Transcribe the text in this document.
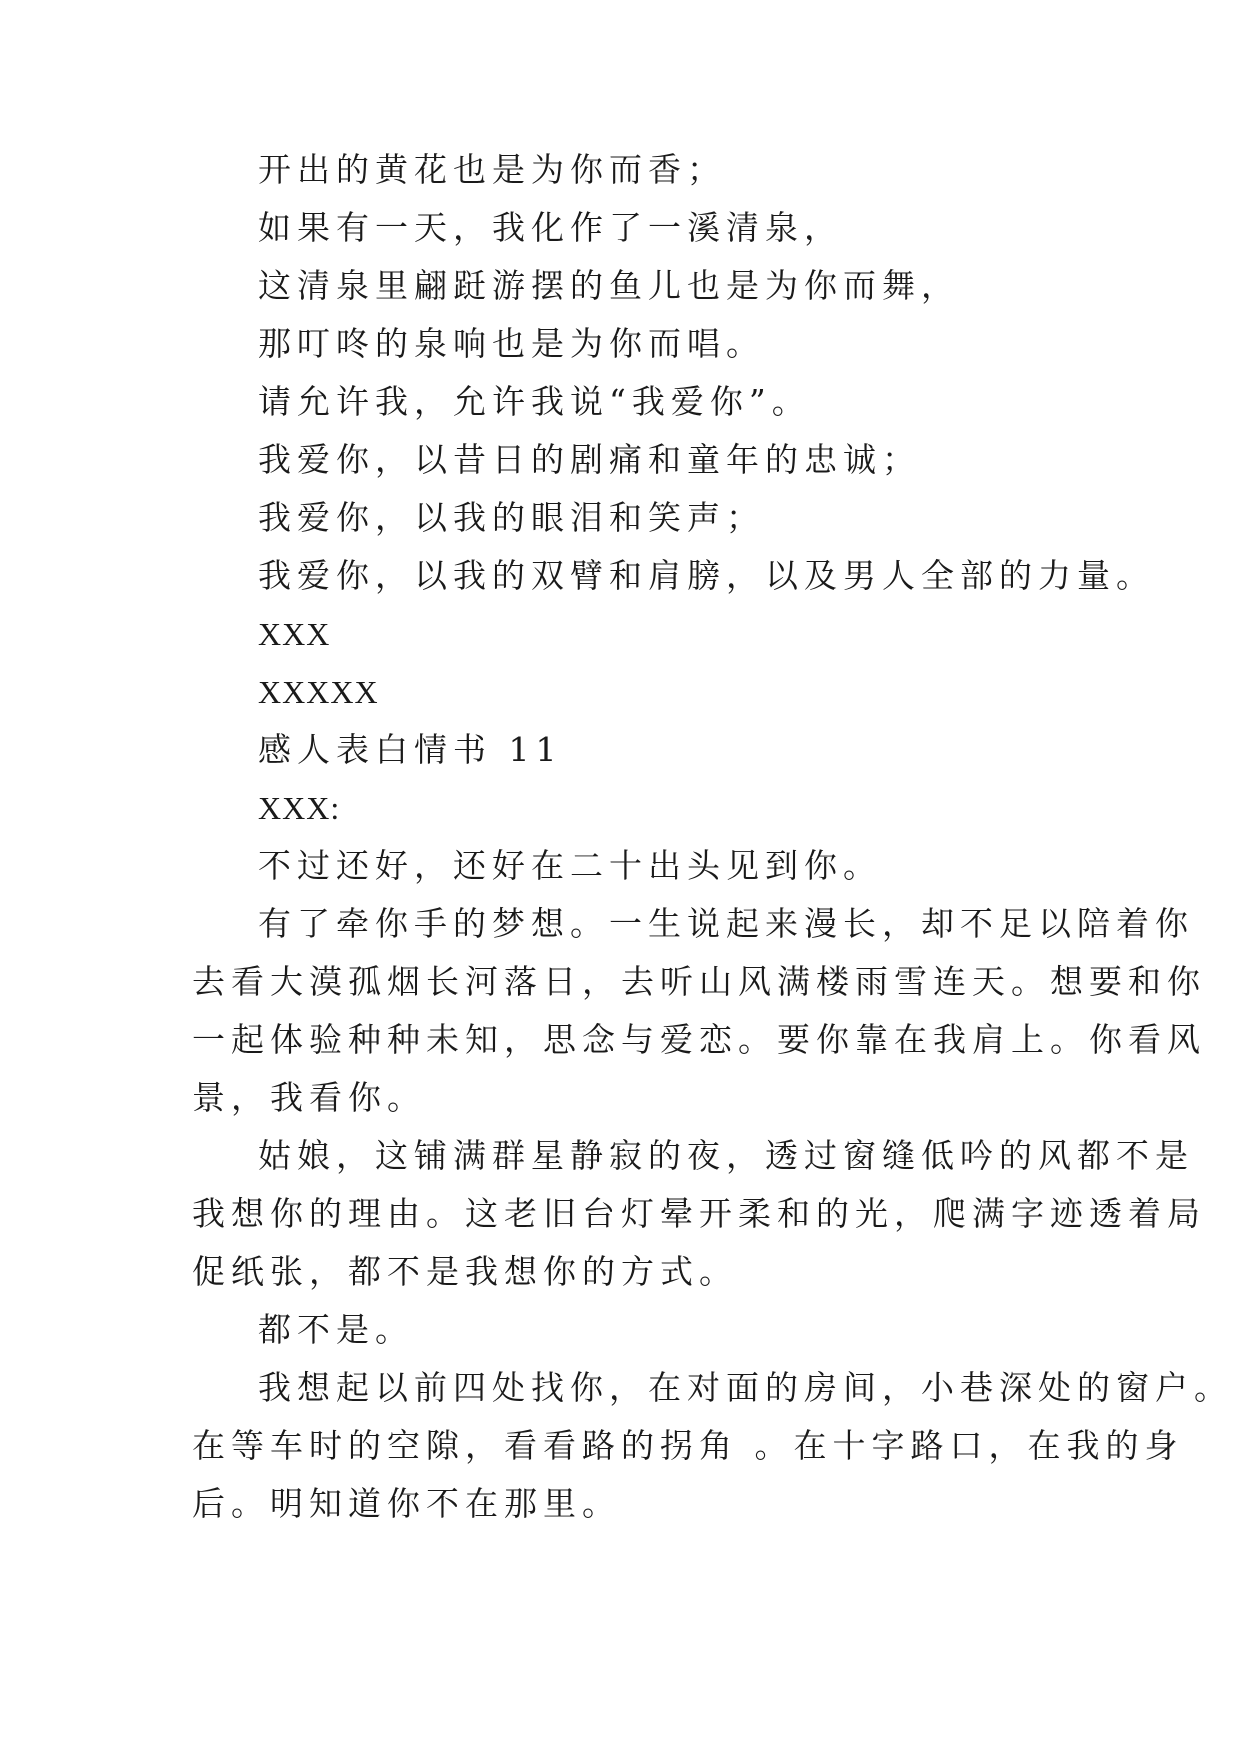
开出的黄花也是为你而香；
如果有一天，我化作了一溪清泉，
这清泉里翩跹游摆的鱼儿也是为你而舞，
那叮咚的泉响也是为你而唱。
请允许我，允许我说“我爱你”。
我爱你，以昔日的剧痛和童年的忠诚；
我爱你，以我的眼泪和笑声；
我爱你，以我的双臂和肩膀，以及男人全部的力量。
XXX
XXXXX
感人表白情书 11
XXX:
不过还好，还好在二十出头见到你。
有了牵你手的梦想。一生说起来漫长，却不足以陪着你
去看大漠孤烟长河落日，去听山风满楼雨雪连天。想要和你
一起体验种种未知，思念与爱恋。要你靠在我肩上。你看风
景，我看你。
姑娘，这铺满群星静寂的夜，透过窗缝低吟的风都不是
我想你的理由。这老旧台灯晕开柔和的光，爬满字迹透着局
促纸张，都不是我想你的方式。
都不是。
我想起以前四处找你，在对面的房间，小巷深处的窗户。
在等车时的空隙，看看路的拐角 。在十字路口，在我的身
后。明知道你不在那里。
